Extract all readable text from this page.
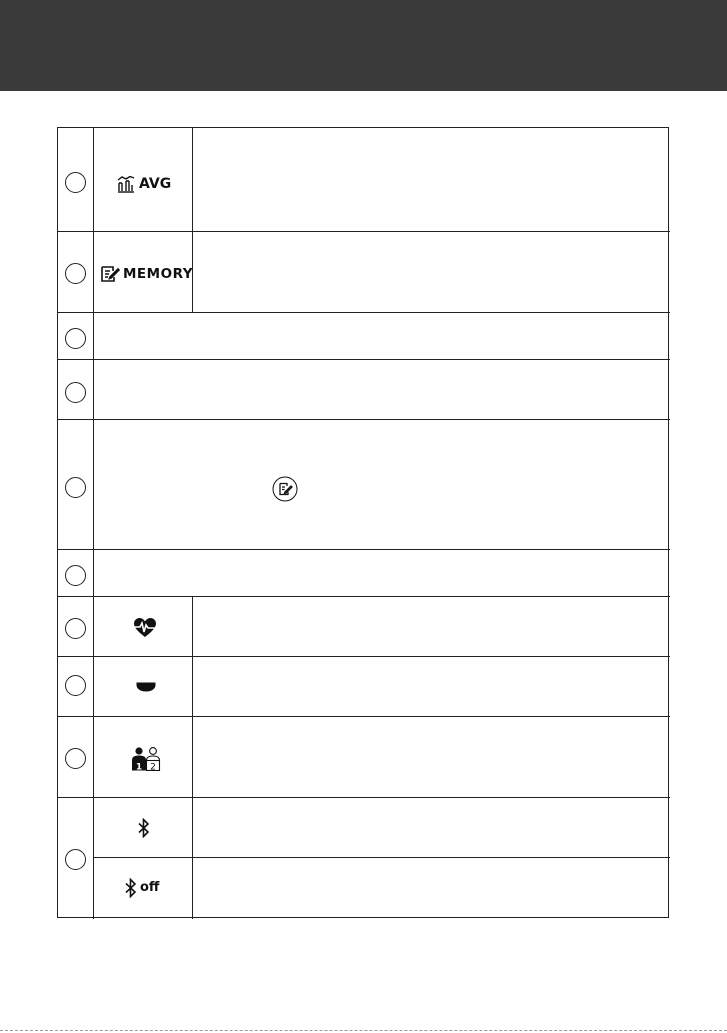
AVG
MEMORY
1 2
off
